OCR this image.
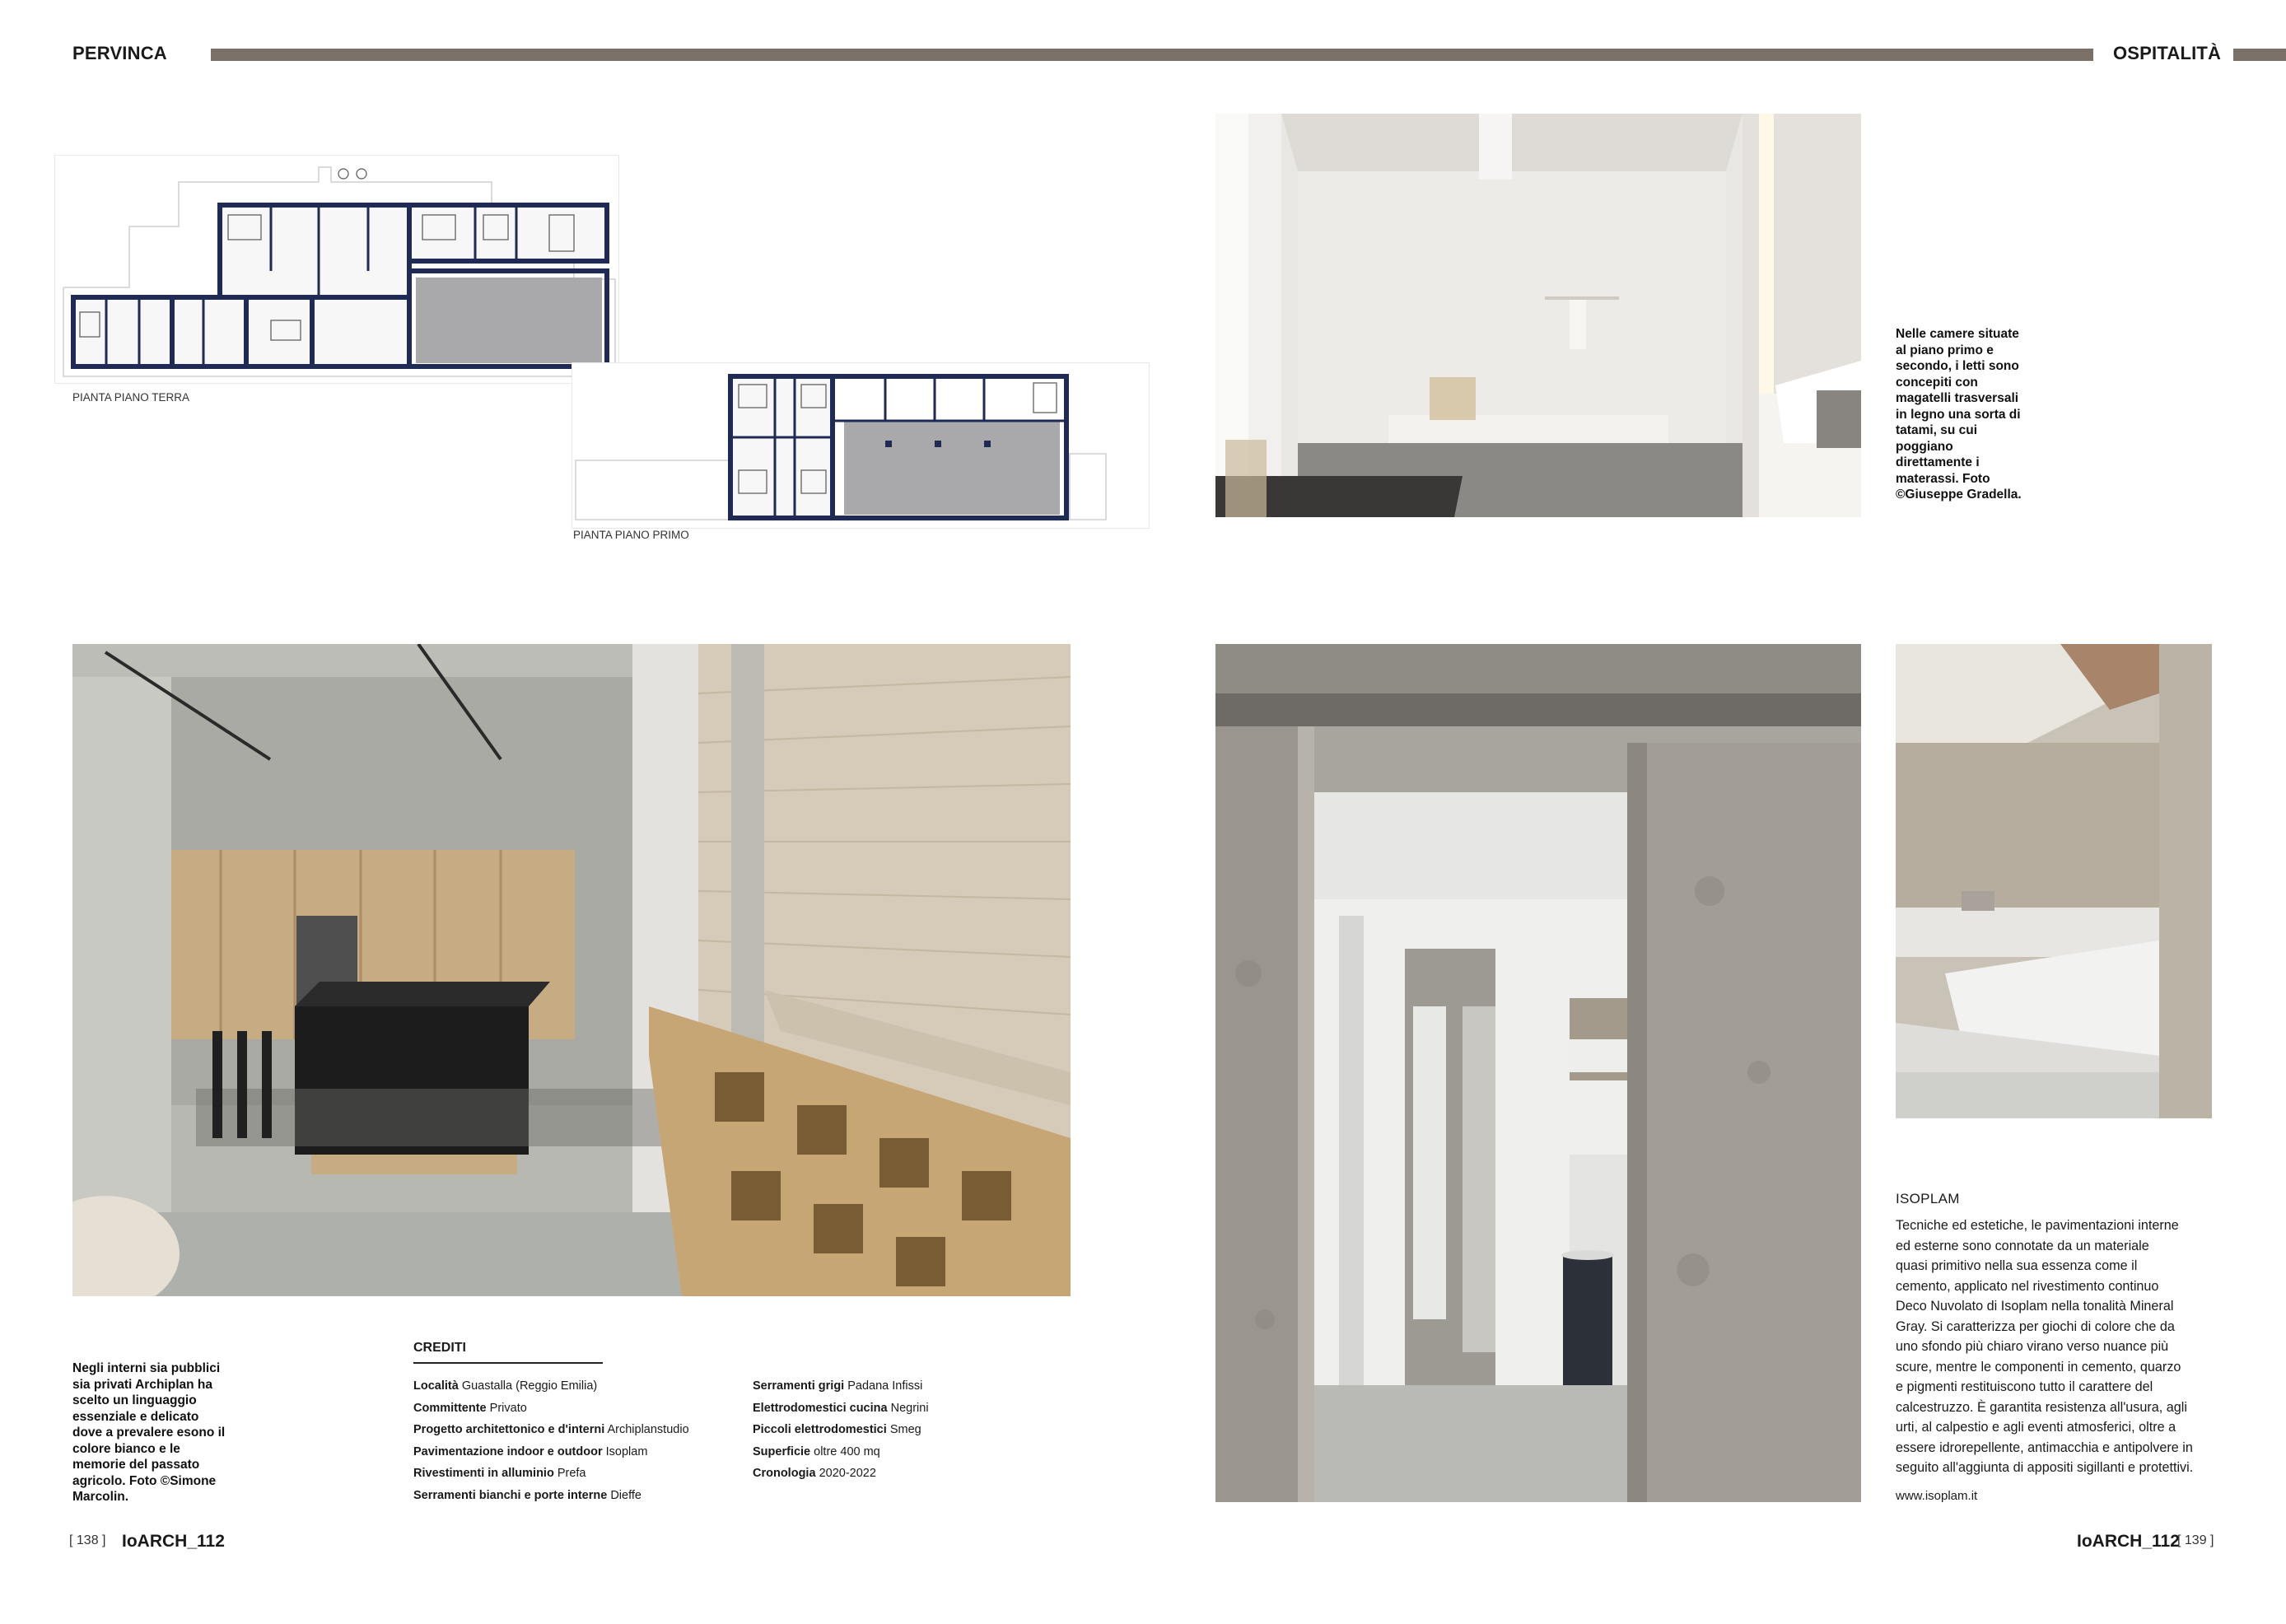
PERVINCA	OSPITALITÀ
PIANTA PIANO TERRA
PIANTA PIANO PRIMO
Nelle camere situate al piano primo e secondo, i letti sono concepiti con magatelli trasversali in legno una sorta di tatami, su cui poggiano direttamente i materassi. Foto ©Giuseppe Gradella.
Negli interni sia pubblici sia privati Archiplan ha scelto un linguaggio essenziale e delicato dove a prevalere esono il colore bianco e le memorie del passato agricolo. Foto ©Simone Marcolin.
CREDITI
Località Guastalla (Reggio Emilia)
Committente Privato
Progetto architettonico e d'interni Archiplanstudio
Pavimentazione indoor e outdoor Isoplam
Rivestimenti in alluminio Prefa
Serramenti bianchi e porte interne Dieffe
Serramenti grigi Padana Infissi
Elettrodomestici cucina Negrini
Piccoli elettrodomestici Smeg
Superficie oltre 400 mq
Cronologia 2020-2022
ISOPLAM
Tecniche ed estetiche, le pavimentazioni interne
ed esterne sono connotate da un materiale
quasi primitivo nella sua essenza come il
cemento, applicato nel rivestimento continuo
Deco Nuvolato di Isoplam nella tonalità Mineral
Gray. Si caratterizza per giochi di colore che da
uno sfondo più chiaro virano verso nuance più
scure, mentre le componenti in cemento, quarzo
e pigmenti restituiscono tutto il carattere del
calcestruzzo. È garantita resistenza all'usura, agli
urti, al calpestio e agli eventi atmosferici, oltre a
essere idrorepellente, antimacchia e antipolvere in
seguito all'aggiunta di appositi sigillanti e protettivi.
www.isoplam.it
[ 138 ] IoARCH_112	IoARCH_112
[ 139 ]
